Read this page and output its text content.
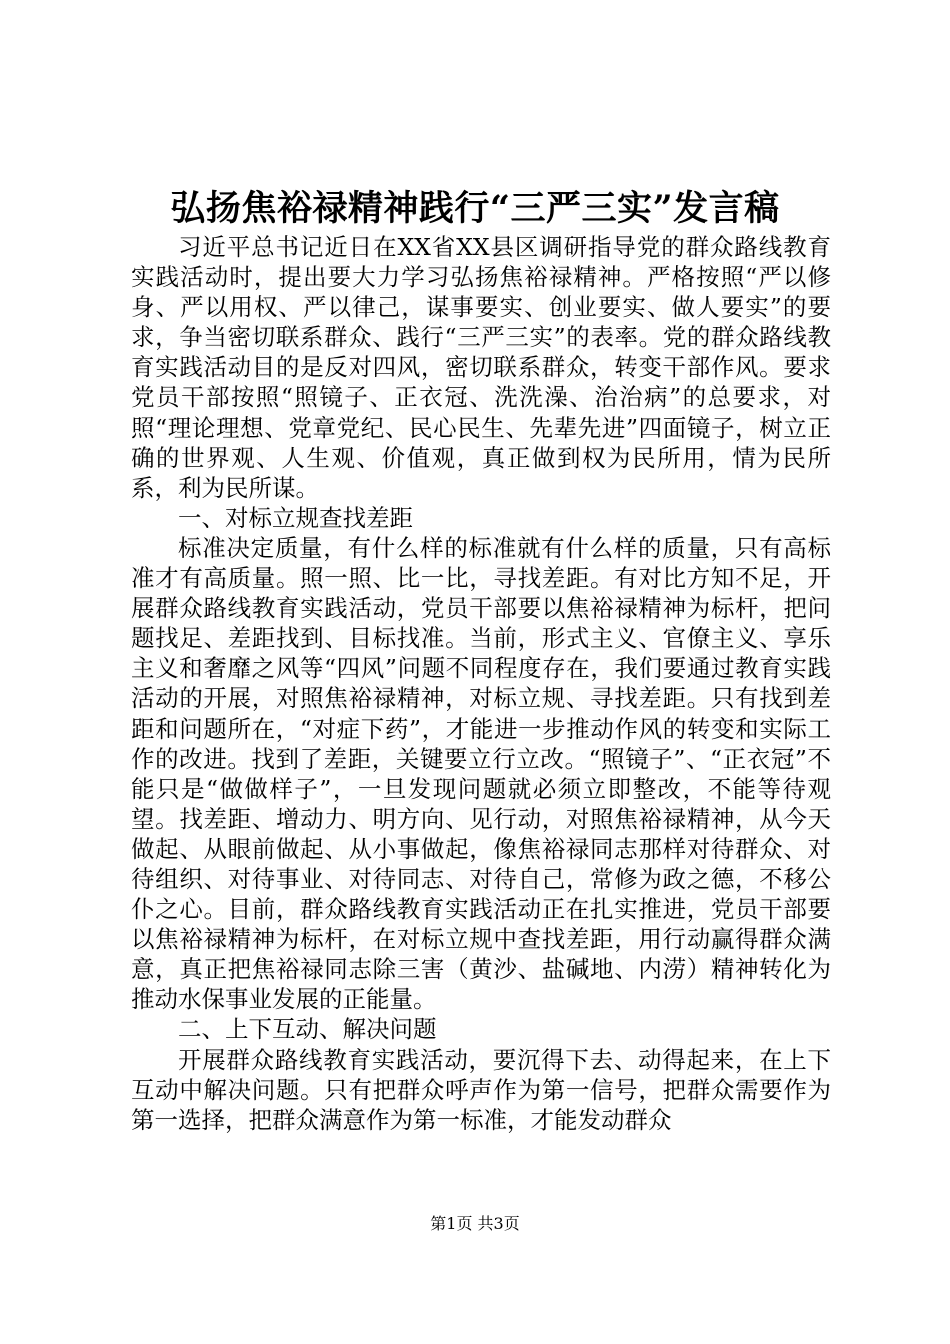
弘扬焦裕禄精神践行“三严三实”发言稿

习近平总书记近日在XX省XX县区调研指导党的群众路线教育实践活动时，提出要大力学习弘扬焦裕禄精神。严格按照“严以修身、严以用权、严以律己，谋事要实、创业要实、做人要实”的要求，争当密切联系群众、践行“三严三实”的表率。党的群众路线教育实践活动目的是反对四风，密切联系群众，转变干部作风。要求党员干部按照“照镜子、正衣冠、洗洗澡、治治病”的总要求，对照“理论理想、党章党纪、民心民生、先辈先进”四面镜子，树立正确的世界观、人生观、价值观，真正做到权为民所用，情为民所系，利为民所谋。

一、对标立规查找差距

标准决定质量，有什么样的标准就有什么样的质量，只有高标准才有高质量。照一照、比一比，寻找差距。有对比方知不足，开展群众路线教育实践活动，党员干部要以焦裕禄精神为标杆，把问题找足、差距找到、目标找准。当前，形式主义、官僚主义、享乐主义和奢靡之风等“四风”问题不同程度存在，我们要通过教育实践活动的开展，对照焦裕禄精神，对标立规、寻找差距。只有找到差距和问题所在，“对症下药”，才能进一步推动作风的转变和实际工作的改进。找到了差距，关键要立行立改。“照镜子”、“正衣冠”不能只是“做做样子”，一旦发现问题就必须立即整改，不能等待观望。找差距、增动力、明方向、见行动，对照焦裕禄精神，从今天做起、从眼前做起、从小事做起，像焦裕禄同志那样对待群众、对待组织、对待事业、对待同志、对待自己，常修为政之德，不移公仆之心。目前，群众路线教育实践活动正在扎实推进，党员干部要以焦裕禄精神为标杆，在对标立规中查找差距，用行动赢得群众满意，真正把焦裕禄同志除三害（黄沙、盐碱地、内涝）精神转化为推动水保事业发展的正能量。

二、上下互动、解决问题

开展群众路线教育实践活动，要沉得下去、动得起来，在上下互动中解决问题。只有把群众呼声作为第一信号，把群众需要作为第一选择，把群众满意作为第一标准，才能发动群众

第1页 共3页
